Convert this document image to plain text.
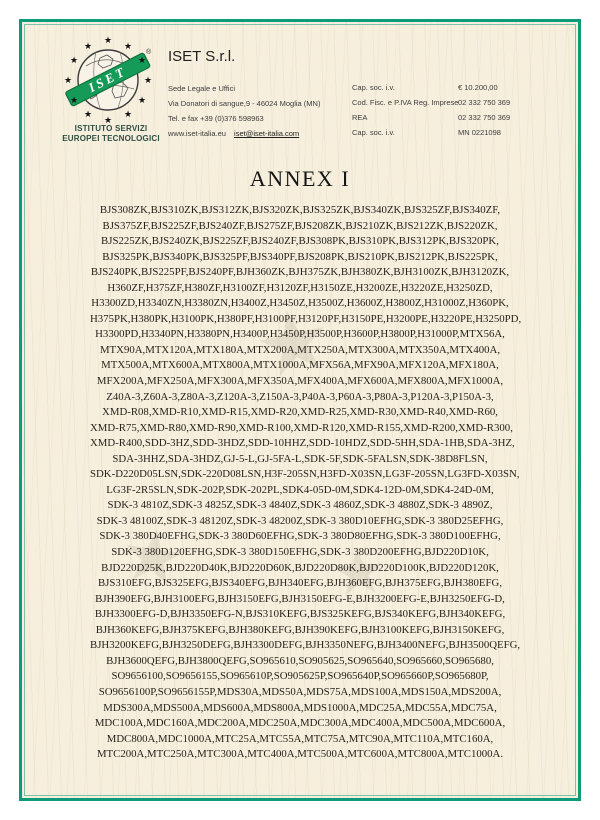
★
★ ★
ISET ★
★
★
★
★
★
★
★
★
★
★
★
®
ISTITUTO SERVIZI
EUROPEI TECNOLOGICI
ISET S.r.l.
Sede Legale e Uffici
Via Donatori di sangue,9 - 46024 Moglia (MN)
Tel. e fax +39 (0)376 598963
www.iset-italia.eu iset@iset-italia.com
Cap. soc. i.v.	€ 10.200,00
Cod. Fisc. e P.IVA Reg. Imprese 02 332 750 369
REA	02 332 750 369
Cap. soc. i.v.	MN 0221098
ANNEX I
BJS308ZK,BJS310ZK,BJS312ZK,BJS320ZK,BJS325ZK,BJS340ZK,BJS325ZF,BJS340ZF,
BJS375ZF,BJS225ZF,BJS240ZF,BJS275ZF,BJS208ZK,BJS210ZK,BJS212ZK,BJS220ZK,
BJS225ZK,BJS240ZK,BJS225ZF,BJS240ZF,BJS308PK,BJS310PK,BJS312PK,BJS320PK,
BJS325PK,BJS340PK,BJS325PF,BJS340PF,BJS208PK,BJS210PK,BJS212PK,BJS225PK,
BJS240PK,BJS225PF,BJS240PF,BJH360ZK,BJH375ZK,BJH380ZK,BJH3100ZK,BJH3120ZK,
H360ZF,H375ZF,H380ZF,H3100ZF,H3120ZF,H3150ZE,H3200ZE,H3220ZE,H3250ZD,
H3300ZD,H3340ZN,H3380ZN,H3400Z,H3450Z,H3500Z,H3600Z,H3800Z,H31000Z,H360PK,
H375PK,H380PK,H3100PK,H380PF,H3100PF,H3120PF,H3150PE,H3200PE,H3220PE,H3250PD,
H3300PD,H3340PN,H3380PN,H3400P,H3450P,H3500P,H3600P,H3800P,H31000P,MTX56A,
MTX90A,MTX120A,MTX180A,MTX200A,MTX250A,MTX300A,MTX350A,MTX400A,
MTX500A,MTX600A,MTX800A,MTX1000A,MFX56A,MFX90A,MFX120A,MFX180A,
MFX200A,MFX250A,MFX300A,MFX350A,MFX400A,MFX600A,MFX800A,MFX1000A,
Z40A-3,Z60A-3,Z80A-3,Z120A-3,Z150A-3,P40A-3,P60A-3,P80A-3,P120A-3,P150A-3,
XMD-R08,XMD-R10,XMD-R15,XMD-R20,XMD-R25,XMD-R30,XMD-R40,XMD-R60,
XMD-R75,XMD-R80,XMD-R90,XMD-R100,XMD-R120,XMD-R155,XMD-R200,XMD-R300,
XMD-R400,SDD-3HZ,SDD-3HDZ,SDD-10HHZ,SDD-10HDZ,SDD-5HH,SDA-1HB,SDA-3HZ,
SDA-3HHZ,SDA-3HDZ,GJ-5-L,GJ-5FA-L,SDK-5F,SDK-5FALSN,SDK-38D8FLSN,
SDK-D220D05LSN,SDK-220D08LSN,H3F-205SN,H3FD-X03SN,LG3F-205SN,LG3FD-X03SN,
LG3F-2R5SLN,SDK-202P,SDK-202PL,SDK4-05D-0M,SDK4-12D-0M,SDK4-24D-0M,
SDK-3 4810Z,SDK-3 4825Z,SDK-3 4840Z,SDK-3 4860Z,SDK-3 4880Z,SDK-3 4890Z,
SDK-3 48100Z,SDK-3 48120Z,SDK-3 48200Z,SDK-3 380D10EFHG,SDK-3 380D25EFHG,
SDK-3 380D40EFHG,SDK-3 380D60EFHG,SDK-3 380D80EFHG,SDK-3 380D100EFHG,
SDK-3 380D120EFHG,SDK-3 380D150EFHG,SDK-3 380D200EFHG,BJD220D10K,
BJD220D25K,BJD220D40K,BJD220D60K,BJD220D80K,BJD220D100K,BJD220D120K,
BJS310EFG,BJS325EFG,BJS340EFG,BJH340EFG,BJH360EFG,BJH375EFG,BJH380EFG,
BJH390EFG,BJH3100EFG,BJH3150EFG,BJH3150EFG-E,BJH3200EFG-E,BJH3250EFG-D,
BJH3300EFG-D,BJH3350EFG-N,BJS310KEFG,BJS325KEFG,BJS340KEFG,BJH340KEFG,
BJH360KEFG,BJH375KEFG,BJH380KEFG,BJH390KEFG,BJH3100KEFG,BJH3150KEFG,
BJH3200KEFG,BJH3250DEFG,BJH3300DEFG,BJH3350NEFG,BJH3400NEFG,BJH3500QEFG,
BJH3600QEFG,BJH3800QEFG,SO965610,SO905625,SO965640,SO965660,SO965680,
SO9656100,SO9656155,SO965610P,SO905625P,SO965640P,SO965660P,SO965680P,
SO9656100P,SO9656155P,MDS30A,MDS50A,MDS75A,MDS100A,MDS150A,MDS200A,
MDS300A,MDS500A,MDS600A,MDS800A,MDS1000A,MDC25A,MDC55A,MDC75A,
MDC100A,MDC160A,MDC200A,MDC250A,MDC300A,MDC400A,MDC500A,MDC600A,
MDC800A,MDC1000A,MTC25A,MTC55A,MTC75A,MTC90A,MTC110A,MTC160A,
MTC200A,MTC250A,MTC300A,MTC400A,MTC500A,MTC600A,MTC800A,MTC1000A.
